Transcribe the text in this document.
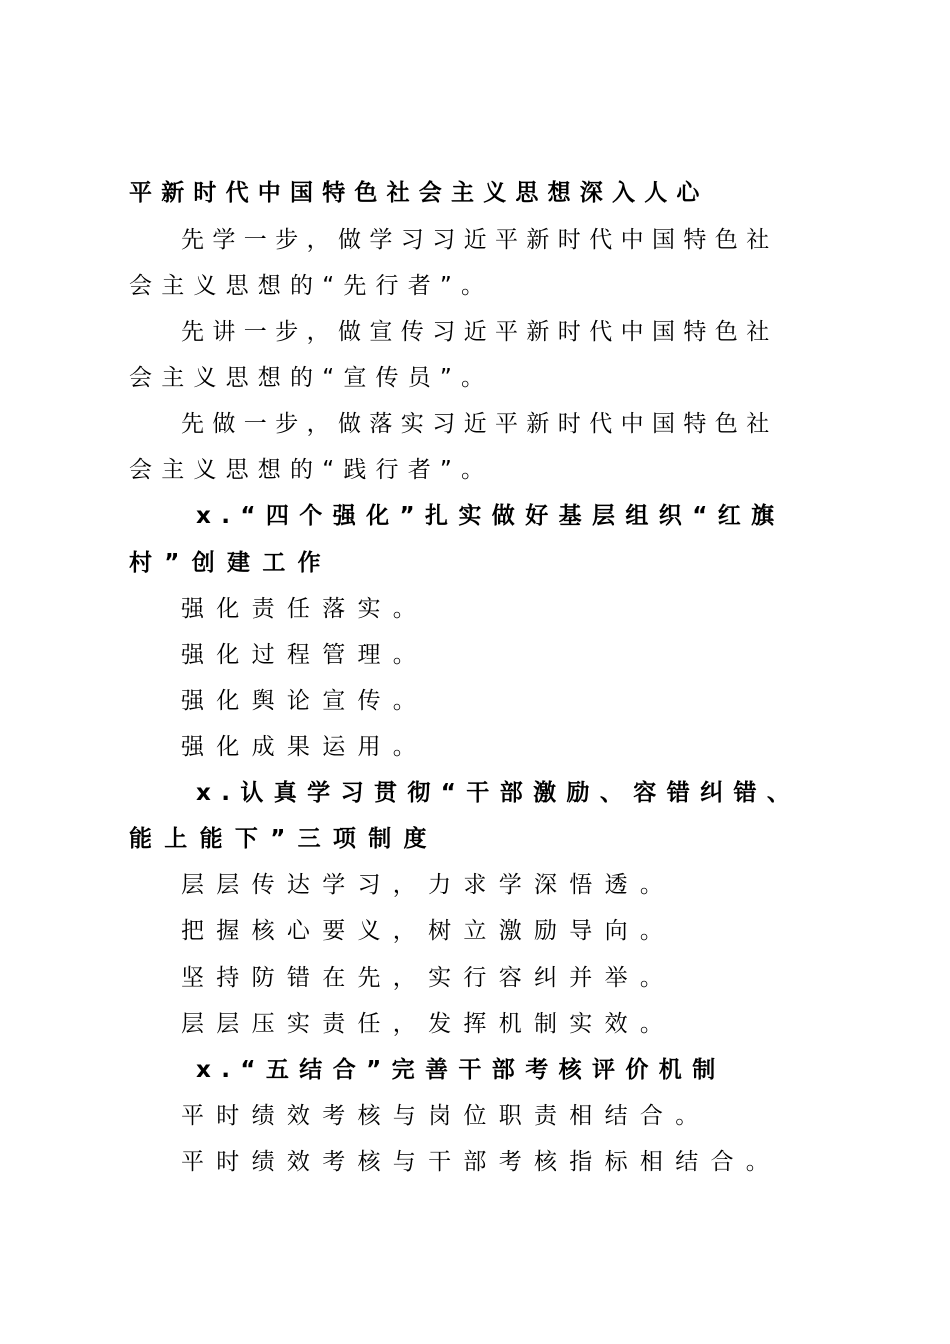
平新时代中国特色社会主义思想深入人心
先学一步，做学习习近平新时代中国特色社
会主义思想的“先行者”。
先讲一步，做宣传习近平新时代中国特色社
会主义思想的“宣传员”。
先做一步，做落实习近平新时代中国特色社
会主义思想的“践行者”。
x.“四个强化”扎实做好基层组织“红旗
村”创建工作
强化责任落实。
强化过程管理。
强化舆论宣传。
强化成果运用。
x.认真学习贯彻“干部激励、容错纠错、
能上能下”三项制度
层层传达学习，力求学深悟透。
把握核心要义，树立激励导向。
坚持防错在先，实行容纠并举。
层层压实责任，发挥机制实效。
x.“五结合”完善干部考核评价机制
平时绩效考核与岗位职责相结合。
平时绩效考核与干部考核指标相结合。
